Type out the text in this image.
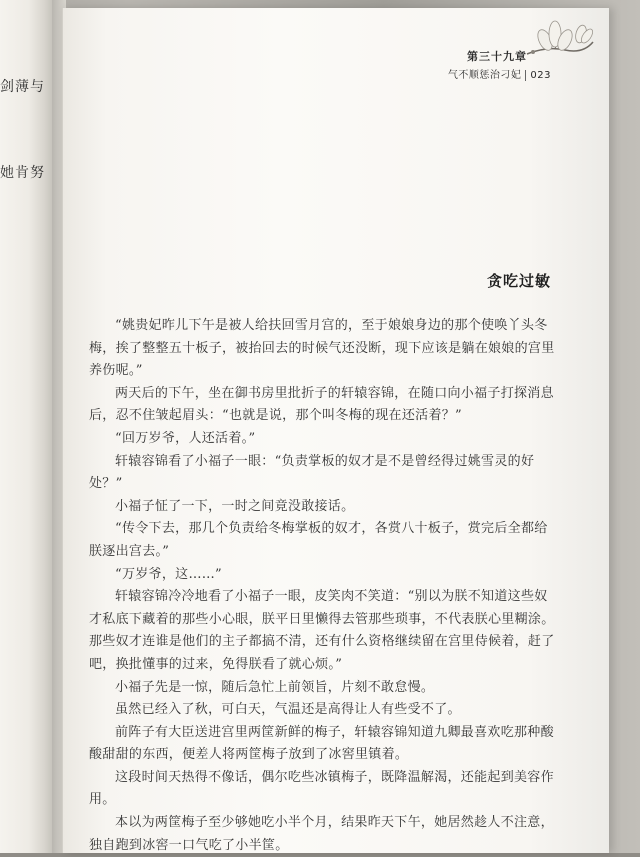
剑薄与
她肯努
第三十九章
气不顺惩治刁妃 023
贪吃过敏

“姚贵妃昨儿下午是被人给扶回雪月宫的，至于娘娘身边的那个使唤丫头冬梅，挨了整整五十板子，被抬回去的时候气还没断，现下应该是躺在娘娘的宫里养伤呢。”

两天后的下午，坐在御书房里批折子的轩辕容锦，在随口向小福子打探消息后，忍不住皱起眉头：“也就是说，那个叫冬梅的现在还活着？”

“回万岁爷，人还活着。”

轩辕容锦看了小福子一眼：“负责掌板的奴才是不是曾经得过姚雪灵的好处？”

小福子怔了一下，一时之间竟没敢接话。

“传令下去，那几个负责给冬梅掌板的奴才，各赏八十板子，赏完后全都给朕逐出宫去。”

“万岁爷，这……”

轩辕容锦冷冷地看了小福子一眼，皮笑肉不笑道：“别以为朕不知道这些奴才私底下藏着的那些小心眼，朕平日里懒得去管那些琐事，不代表朕心里糊涂。那些奴才连谁是他们的主子都搞不清，还有什么资格继续留在宫里侍候着，赶了吧，换批懂事的过来，免得朕看了就心烦。”

小福子先是一惊，随后急忙上前领旨，片刻不敢怠慢。

虽然已经入了秋，可白天，气温还是高得让人有些受不了。

前阵子有大臣送进宫里两筐新鲜的梅子，轩辕容锦知道九卿最喜欢吃那种酸酸甜甜的东西，便差人将两筐梅子放到了冰窖里镇着。

这段时间天热得不像话，偶尔吃些冰镇梅子，既降温解渴，还能起到美容作用。

本以为两筐梅子至少够她吃小半个月，结果昨天下午，她居然趁人不注意，独自跑到冰窖一口气吃了小半筐。
